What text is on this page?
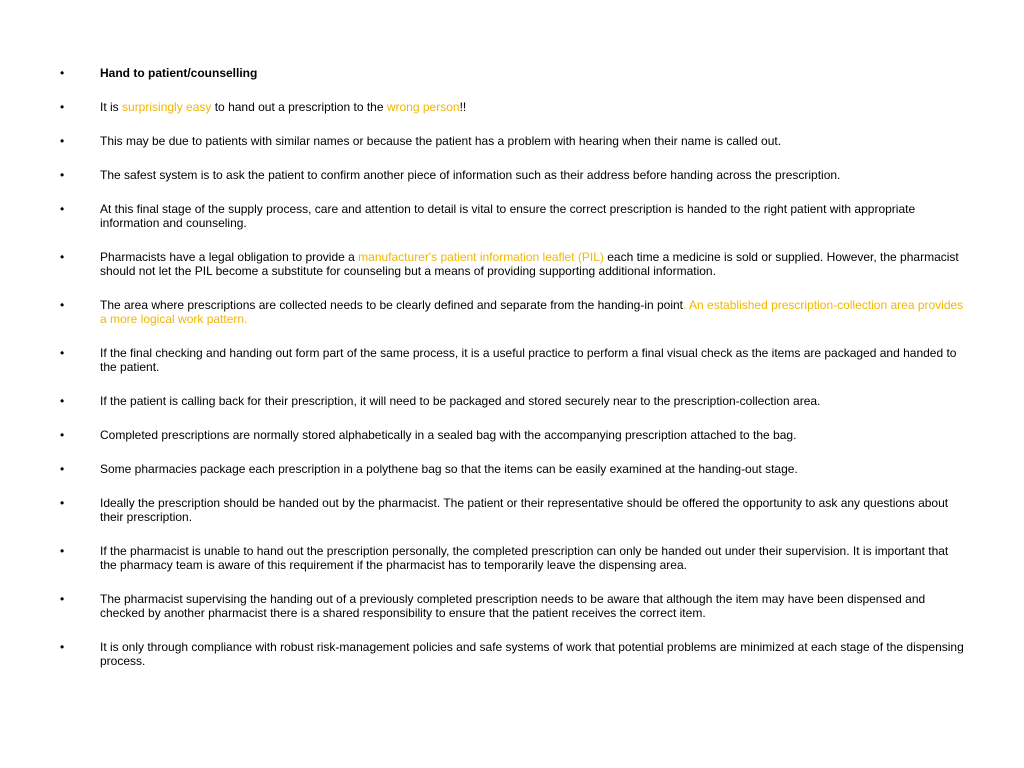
•	Hand to patient/counselling
•	It is surprisingly easy to hand out a prescription to the wrong person!!
•	This may be due to patients with similar names or because the patient has a problem with hearing when their name is called out.
•	The safest system is to ask the patient to confirm another piece of information such as their address before handing across the prescription.
•	At this final stage of the supply process, care and attention to detail is vital to ensure the correct prescription is handed to the right patient with appropriate information and counseling.
•	Pharmacists have a legal obligation to provide a manufacturer's patient information leaflet (PIL) each time a medicine is sold or supplied. However, the pharmacist should not let the PIL become a substitute for counseling but a means of providing supporting additional information.
•	The area where prescriptions are collected needs to be clearly defined and separate from the handing-in point. An established prescription-collection area provides a more logical work pattern.
•	If the final checking and handing out form part of the same process, it is a useful practice to perform a final visual check as the items are packaged and handed to the patient.
•	If the patient is calling back for their prescription, it will need to be packaged and stored securely near to the prescription-collection area.
•	Completed prescriptions are normally stored alphabetically in a sealed bag with the accompanying prescription attached to the bag.
•	Some pharmacies package each prescription in a polythene bag so that the items can be easily examined at the handing-out stage.
•	Ideally the prescription should be handed out by the pharmacist. The patient or their representative should be offered the opportunity to ask any questions about their prescription.
•	If the pharmacist is unable to hand out the prescription personally, the completed prescription can only be handed out under their supervision. It is important that the pharmacy team is aware of this requirement if the pharmacist has to temporarily leave the dispensing area.
•	The pharmacist supervising the handing out of a previously completed prescription needs to be aware that although the item may have been dispensed and checked by another pharmacist there is a shared responsibility to ensure that the patient receives the correct item.
•	It is only through compliance with robust risk-management policies and safe systems of work that potential problems are minimized at each stage of the dispensing process.
